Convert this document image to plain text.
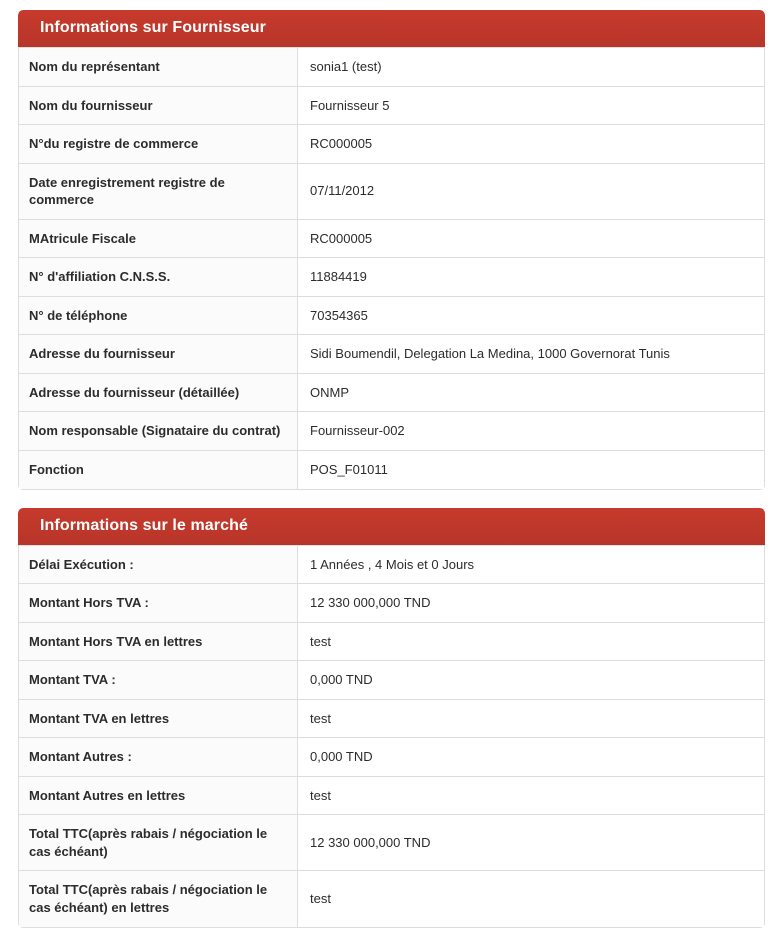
Informations sur Fournisseur
Nom du représentant	sonia1 (test)
Nom du fournisseur	Fournisseur 5
N°du registre de commerce	RC000005
Date enregistrement registre de commerce	07/11/2012
MAtricule Fiscale	RC000005
N° d'affiliation C.N.S.S.	11884419
N° de téléphone	70354365
Adresse du fournisseur	Sidi Boumendil, Delegation La Medina, 1000 Governorat Tunis
Adresse du fournisseur (détaillée)	ONMP
Nom responsable (Signataire du contrat)	Fournisseur-002
Fonction	POS_F01011
Informations sur le marché
Délai Exécution :	1 Années , 4 Mois et 0 Jours
Montant Hors TVA :	12 330 000,000 TND
Montant Hors TVA en lettres	test
Montant TVA :	0,000 TND
Montant TVA en lettres	test
Montant Autres :	0,000 TND
Montant Autres en lettres	test
Total TTC(après rabais / négociation le cas échéant)	12 330 000,000 TND
Total TTC(après rabais / négociation le cas échéant) en lettres	test
